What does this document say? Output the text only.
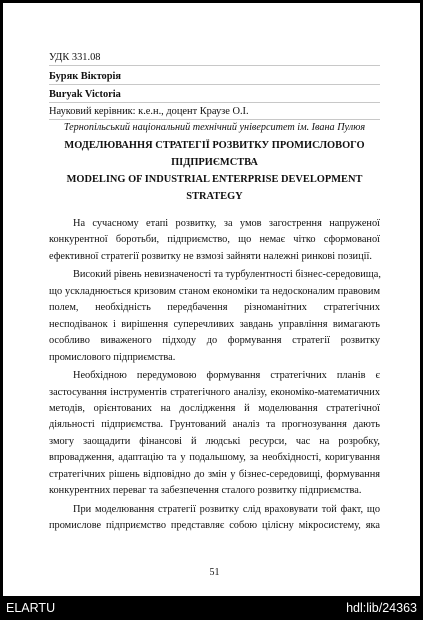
УДК 331.08
Буряк Вікторія
Buryak Victoria
Науковий керівник: к.е.н., доцент Краузе О.І.
Тернопільський національний технічний університет ім. Івана Пулюя
МОДЕЛЮВАННЯ СТРАТЕГІЇ РОЗВИТКУ ПРОМИСЛОВОГО
ПІДПРИЄМСТВА
MODELING OF INDUSTRIAL ENTERPRISE DEVELOPMENT
STRATEGY
На сучасному етапі розвитку, за умов загострення напруженої
конкурентної боротьби, підприємство, що немає чітко сформованої
ефективної стратегії розвитку не взмозі зайняти належні ринкові позиції.
Високий рівень невизначеності та турбулентності бізнес-середовища,
що ускладнюється кризовим станом економіки та недосконалим правовим
полем, необхідність передбачення різноманітних стратегічних
несподіванок і вирішення суперечливих завдань управління вимагають
особливо виваженого підходу до формування стратегії розвитку
промислового підприємства.
Необхідною передумовою формування стратегічних планів є
застосування інструментів стратегічного аналізу, економіко-математичних
методів, орієнтованих на дослідження й моделювання стратегічної
діяльності підприємства. Грунтований аналіз та прогнозування дають
змогу заощадити фінансові й людські ресурси, час на розробку,
впровадження, адаптацію та у подальшому, за необхідності, коригування
стратегічних рішень відповідно до змін у бізнес-середовищі, формування
конкурентних переваг та забезпечення сталого розвитку підприємства.
При моделювання стратегії розвитку слід враховувати той факт, що
промислове підприємство представляє собою цілісну мікросистему, яка
51
ELARTU	hdl:lib/24363
